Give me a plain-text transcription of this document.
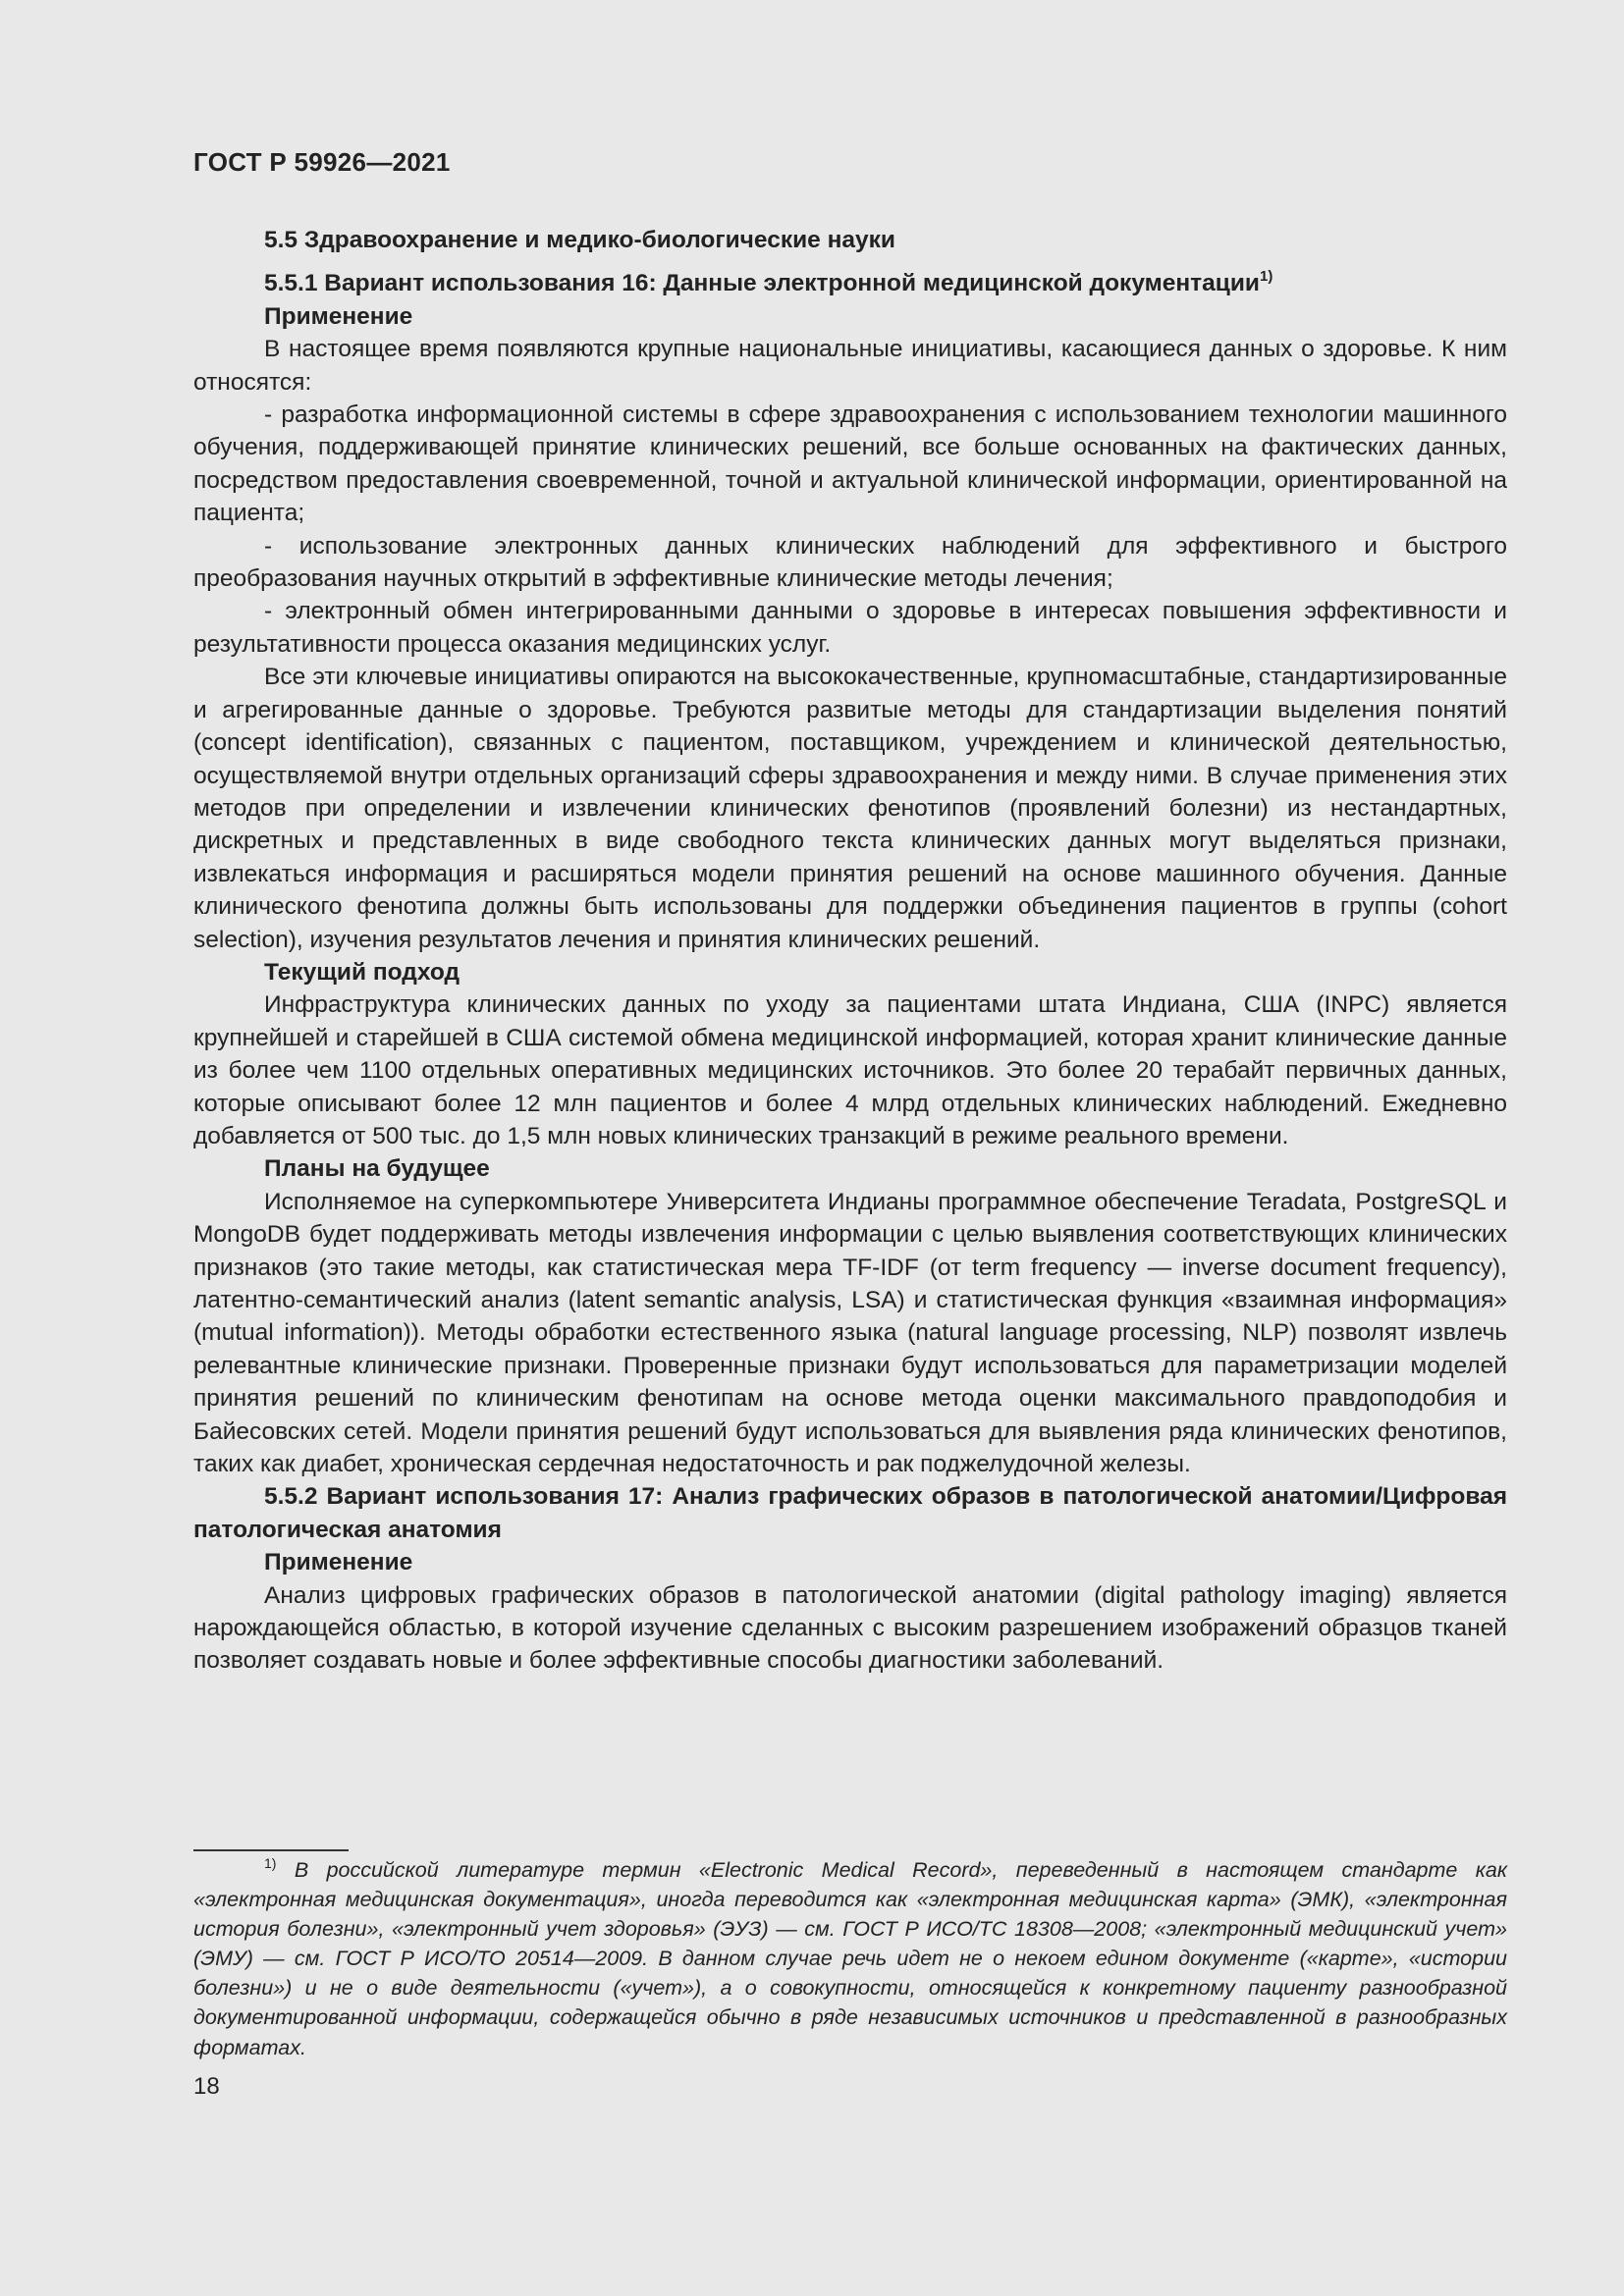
ГОСТ Р 59926—2021

5.5 Здравоохранение и медико-биологические науки

5.5.1 Вариант использования 16: Данные электронной медицинской документации$^{1)}$

Применение

В настоящее время появляются крупные национальные инициативы, касающиеся данных о здоровье. К ним относятся:

- разработка информационной системы в сфере здравоохранения с использованием технологии машинного обучения, поддерживающей принятие клинических решений, все больше основанных на фактических данных, посредством предоставления своевременной, точной и актуальной клинической информации, ориентированной на пациента;

- использование электронных данных клинических наблюдений для эффективного и быстрого преобразования научных открытий в эффективные клинические методы лечения;

- электронный обмен интегрированными данными о здоровье в интересах повышения эффективности и результативности процесса оказания медицинских услуг.

Все эти ключевые инициативы опираются на высококачественные, крупномасштабные, стандартизированные и агрегированные данные о здоровье. Требуются развитые методы для стандартизации выделения понятий (concept identification), связанных с пациентом, поставщиком, учреждением и клинической деятельностью, осуществляемой внутри отдельных организаций сферы здравоохранения и между ними. В случае применения этих методов при определении и извлечении клинических фенотипов (проявлений болезни) из нестандартных, дискретных и представленных в виде свободного текста клинических данных могут выделяться признаки, извлекаться информация и расширяться модели принятия решений на основе машинного обучения. Данные клинического фенотипа должны быть использованы для поддержки объединения пациентов в группы (cohort selection), изучения результатов лечения и принятия клинических решений.

Текущий подход

Инфраструктура клинических данных по уходу за пациентами штата Индиана, США (INPC) является крупнейшей и старейшей в США системой обмена медицинской информацией, которая хранит клинические данные из более чем 1100 отдельных оперативных медицинских источников. Это более 20 терабайт первичных данных, которые описывают более 12 млн пациентов и более 4 млрд отдельных клинических наблюдений. Ежедневно добавляется от 500 тыс. до 1,5 млн новых клинических транзакций в режиме реального времени.

Планы на будущее

Исполняемое на суперкомпьютере Университета Индианы программное обеспечение Teradata, PostgreSQL и MongoDB будет поддерживать методы извлечения информации с целью выявления соответствующих клинических признаков (это такие методы, как статистическая мера TF-IDF (от term frequency — inverse document frequency), латентно-семантический анализ (latent semantic analysis, LSA) и статистическая функция «взаимная информация» (mutual information)). Методы обработки естественного языка (natural language processing, NLP) позволят извлечь релевантные клинические признаки. Проверенные признаки будут использоваться для параметризации моделей принятия решений по клиническим фенотипам на основе метода оценки максимального правдоподобия и Байесовских сетей. Модели принятия решений будут использоваться для выявления ряда клинических фенотипов, таких как диабет, хроническая сердечная недостаточность и рак поджелудочной железы.

5.5.2 Вариант использования 17: Анализ графических образов в патологической анатомии/Цифровая патологическая анатомия

Применение

Анализ цифровых графических образов в патологической анатомии (digital pathology imaging) является нарождающейся областью, в которой изучение сделанных с высоким разрешением изображений образцов тканей позволяет создавать новые и более эффективные способы диагностики заболеваний.

$^{1)}$ В российской литературе термин «Electronic Medical Record», переведенный в настоящем стандарте как «электронная медицинская документация», иногда переводится как «электронная медицинская карта» (ЭМК), «электронная история болезни», «электронный учет здоровья» (ЭУЗ) — см. ГОСТ Р ИСО/ТС 18308—2008; «электронный медицинский учет» (ЭМУ) — см. ГОСТ Р ИСО/ТО 20514—2009. В данном случае речь идет не о некоем едином документе («карте», «истории болезни») и не о виде деятельности («учет»), а о совокупности, относящейся к конкретному пациенту разнообразной документированной информации, содержащейся обычно в ряде независимых источников и представленной в разнообразных форматах.
18
